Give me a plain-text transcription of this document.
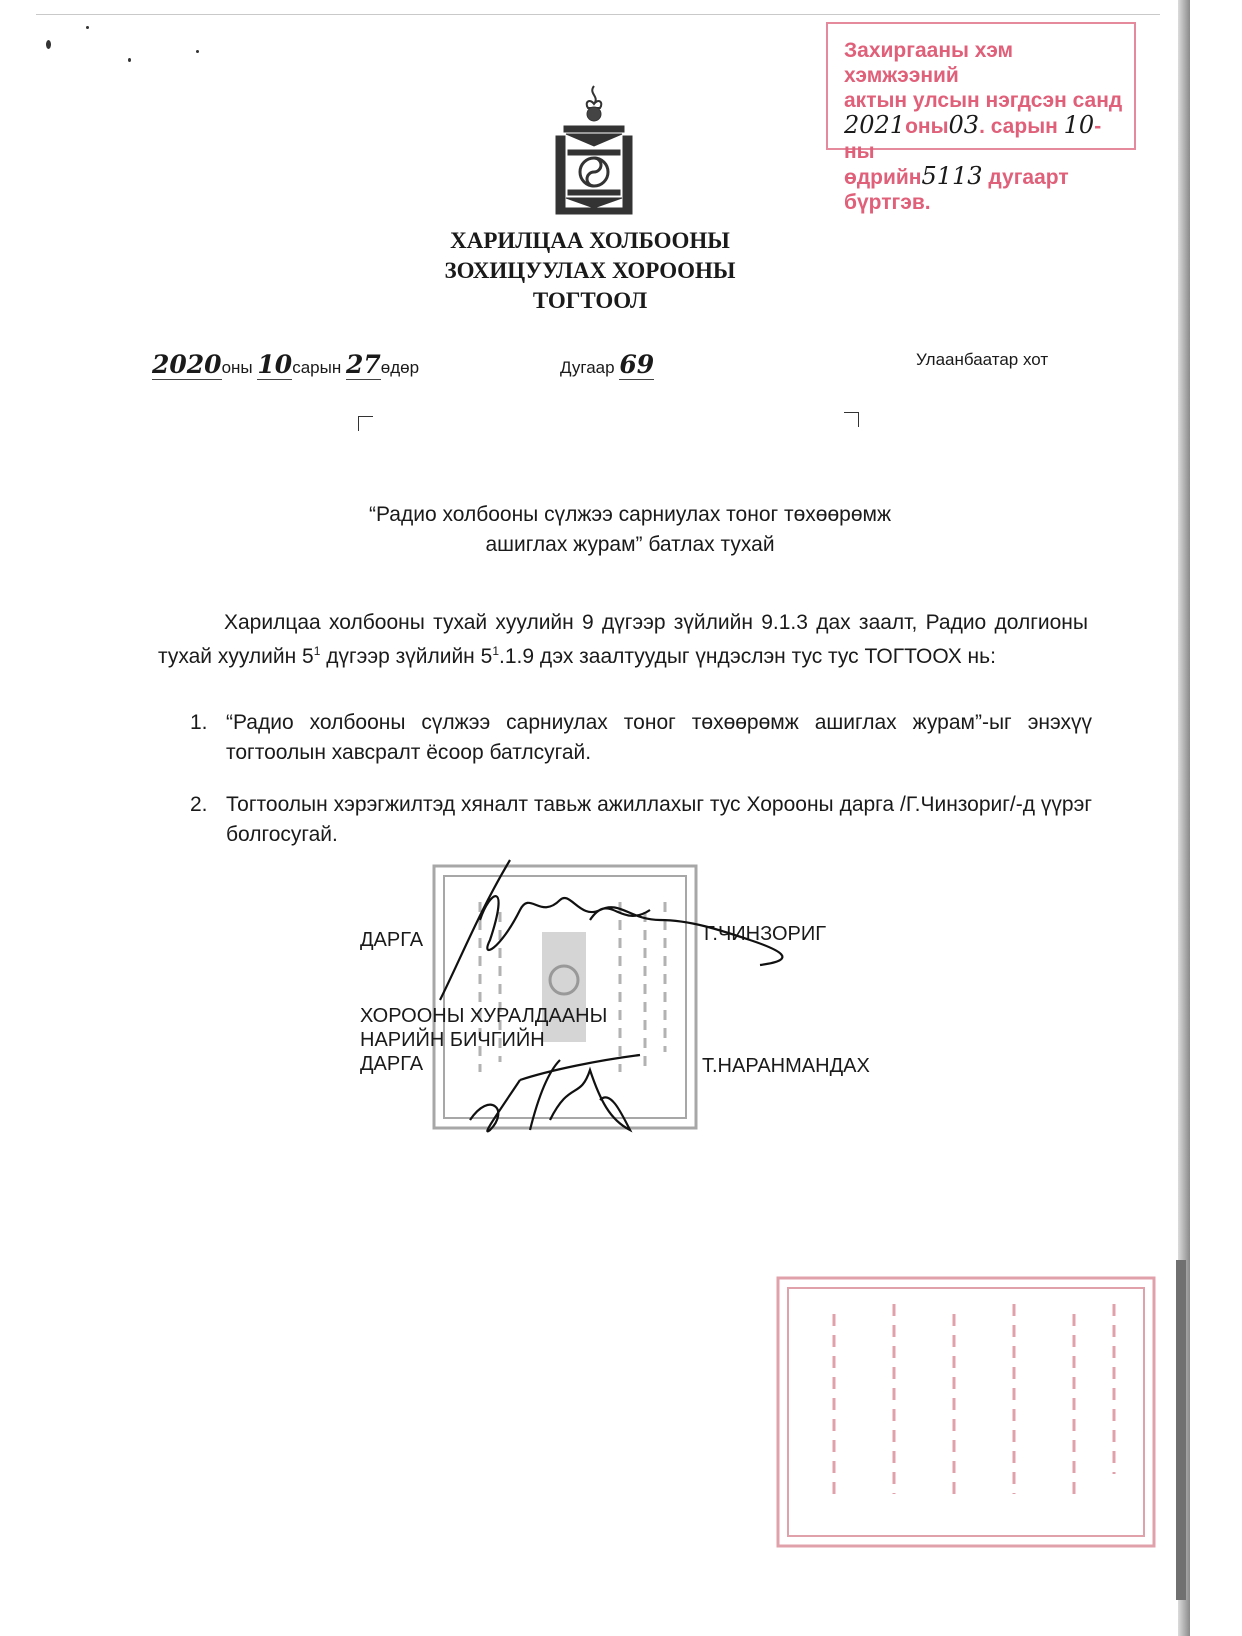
Захиргааны хэм хэмжээний
актын улсын нэгдсэн санд
2021оны03. сарын 10-ны
өдрийн5113 дугаарт бүртгэв.
ХАРИЛЦАА ХОЛБООНЫ
ЗОХИЦУУЛАХ ХОРООНЫ
ТОГТООЛ
2020оны 10сарын 27өдөр	Дугаар 69	Улаанбаатар хот
“Радио холбооны сүлжээ сарниулах тоног төхөөрөмж
ашиглах журам” батлах тухай
Харилцаа холбооны тухай хуулийн 9 дүгээр зүйлийн 9.1.3 дах заалт, Радио долгионы тухай хуулийн $5^1$ дүгээр зүйлийн $5^1.1.9$ дэх заалтуудыг үндэслэн тус тус ТОГТООХ нь:
1. “Радио холбооны сүлжээ сарниулах тоног төхөөрөмж ашиглах журам”-ыг энэхүү тогтоолын хавсралт ёсоор батлсугай.
2. Тогтоолын хэрэгжилтэд хяналт тавьж ажиллахыг тус Хорооны дарга /Г.Чинзориг/-д үүрэг болгосугай.
ДАРГА	Г.ЧИНЗОРИГ
ХОРООНЫ ХУРАЛДААНЫ
НАРИЙН БИЧГИЙН
ДАРГА	Т.НАРАНМАНДАХ
